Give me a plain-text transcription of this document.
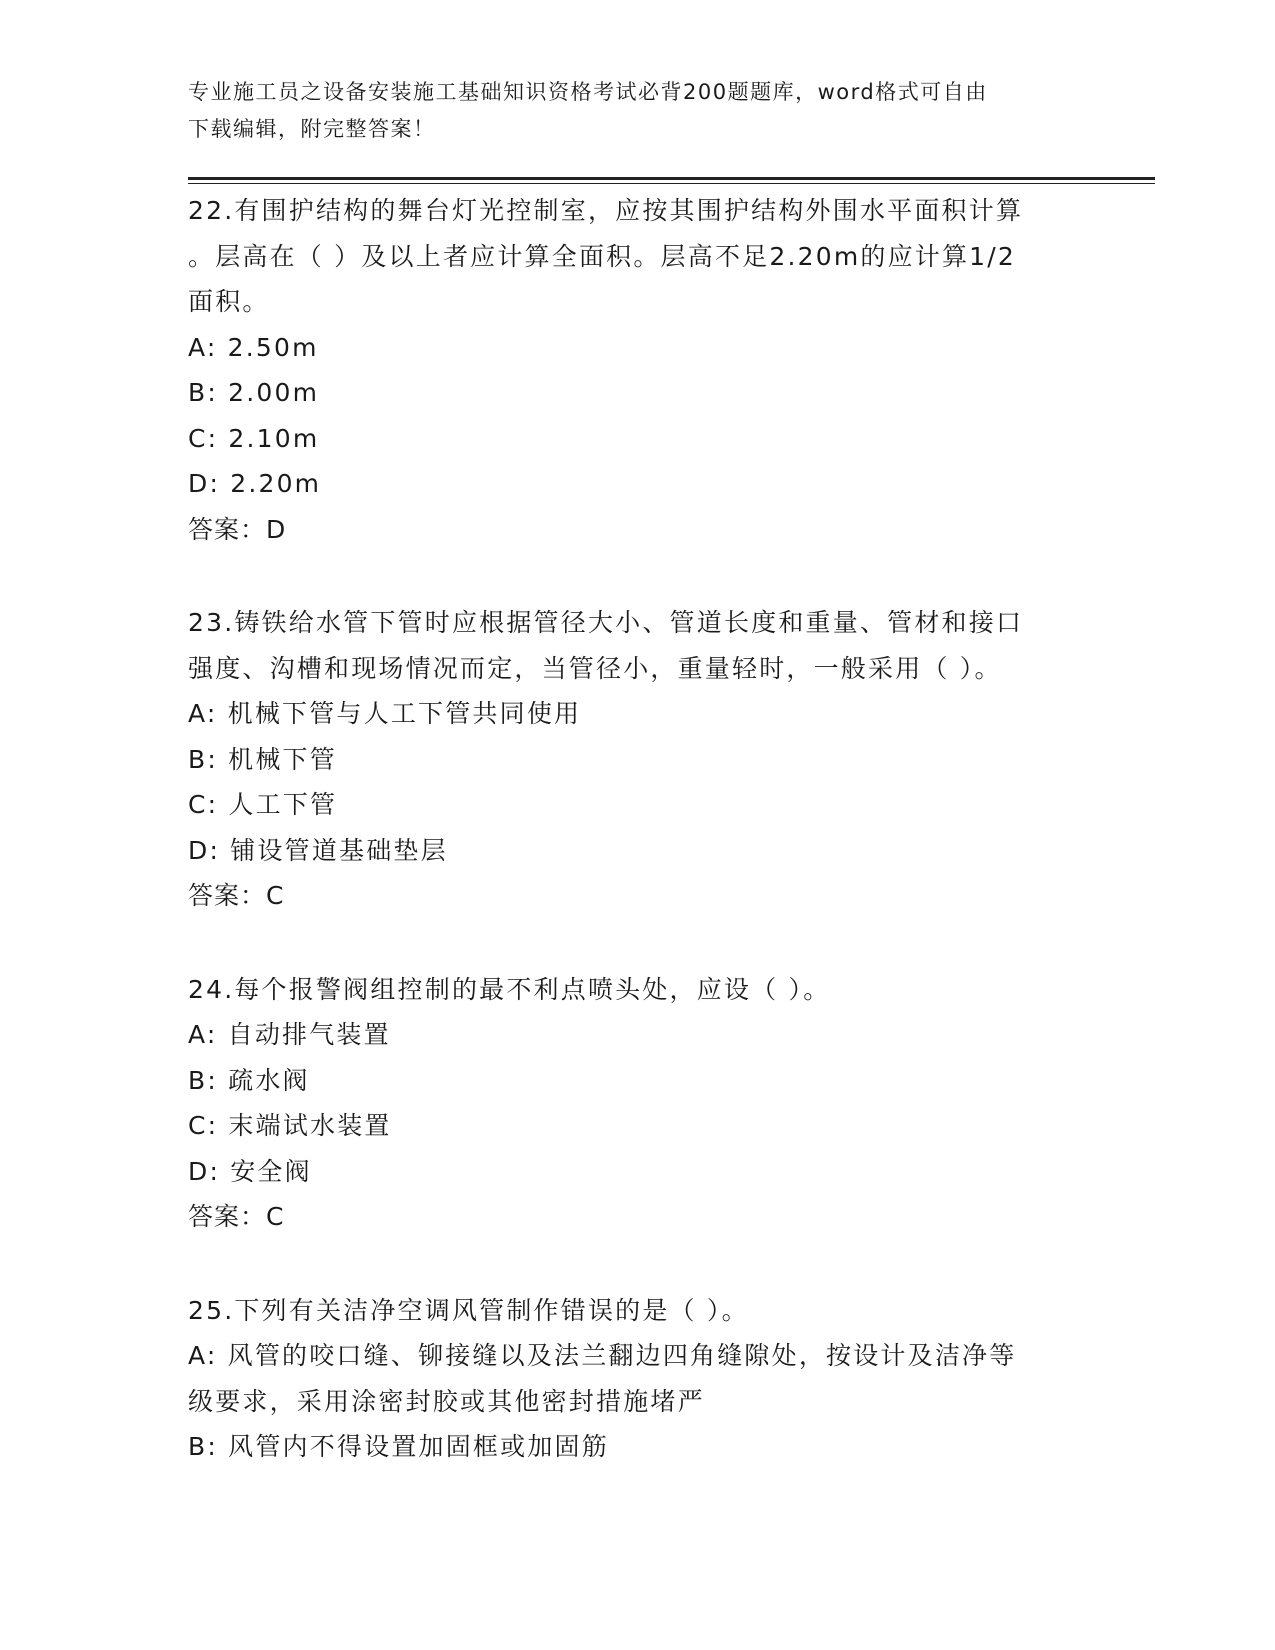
专业施工员之设备安装施工基础知识资格考试必背200题题库，word格式可自由
下载编辑，附完整答案！
22.有围护结构的舞台灯光控制室，应按其围护结构外围水平面积计算
。层高在（ ）及以上者应计算全面积。层高不足2.20m的应计算1/2
面积。
A: 2.50m
B: 2.00m
C: 2.10m
D: 2.20m
答案：D
23.铸铁给水管下管时应根据管径大小、管道长度和重量、管材和接口
强度、沟槽和现场情况而定，当管径小，重量轻时，一般采用（ ）。
A: 机械下管与人工下管共同使用
B: 机械下管
C: 人工下管
D: 铺设管道基础垫层
答案：C
24.每个报警阀组控制的最不利点喷头处，应设（ ）。
A: 自动排气装置
B: 疏水阀
C: 末端试水装置
D: 安全阀
答案：C
25.下列有关洁净空调风管制作错误的是（ ）。
A: 风管的咬口缝、铆接缝以及法兰翻边四角缝隙处，按设计及洁净等
级要求，采用涂密封胶或其他密封措施堵严
B: 风管内不得设置加固框或加固筋
